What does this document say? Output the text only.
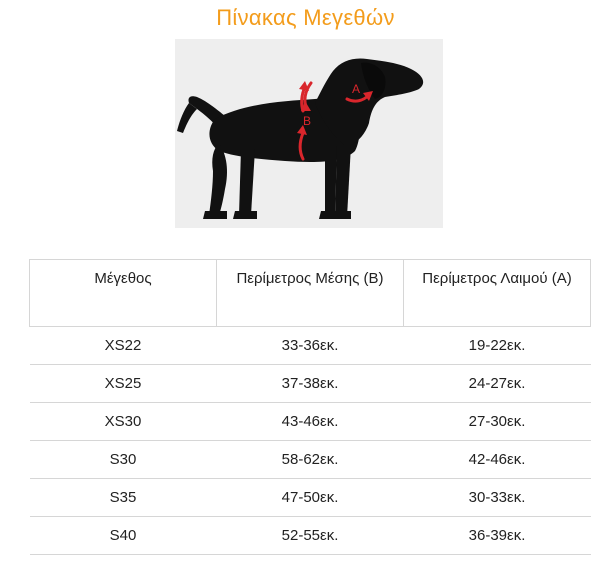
Πίνακας Μεγεθών
A
B
Μέγεθος	Περίμετρος Μέσης (B)	Περίμετρος Λαιμού (A)
XS22	33-36εκ.	19-22εκ.
XS25	37-38εκ.	24-27εκ.
XS30	43-46εκ.	27-30εκ.
S30	58-62εκ.	42-46εκ.
S35	47-50εκ.	30-33εκ.
S40	52-55εκ.	36-39εκ.
